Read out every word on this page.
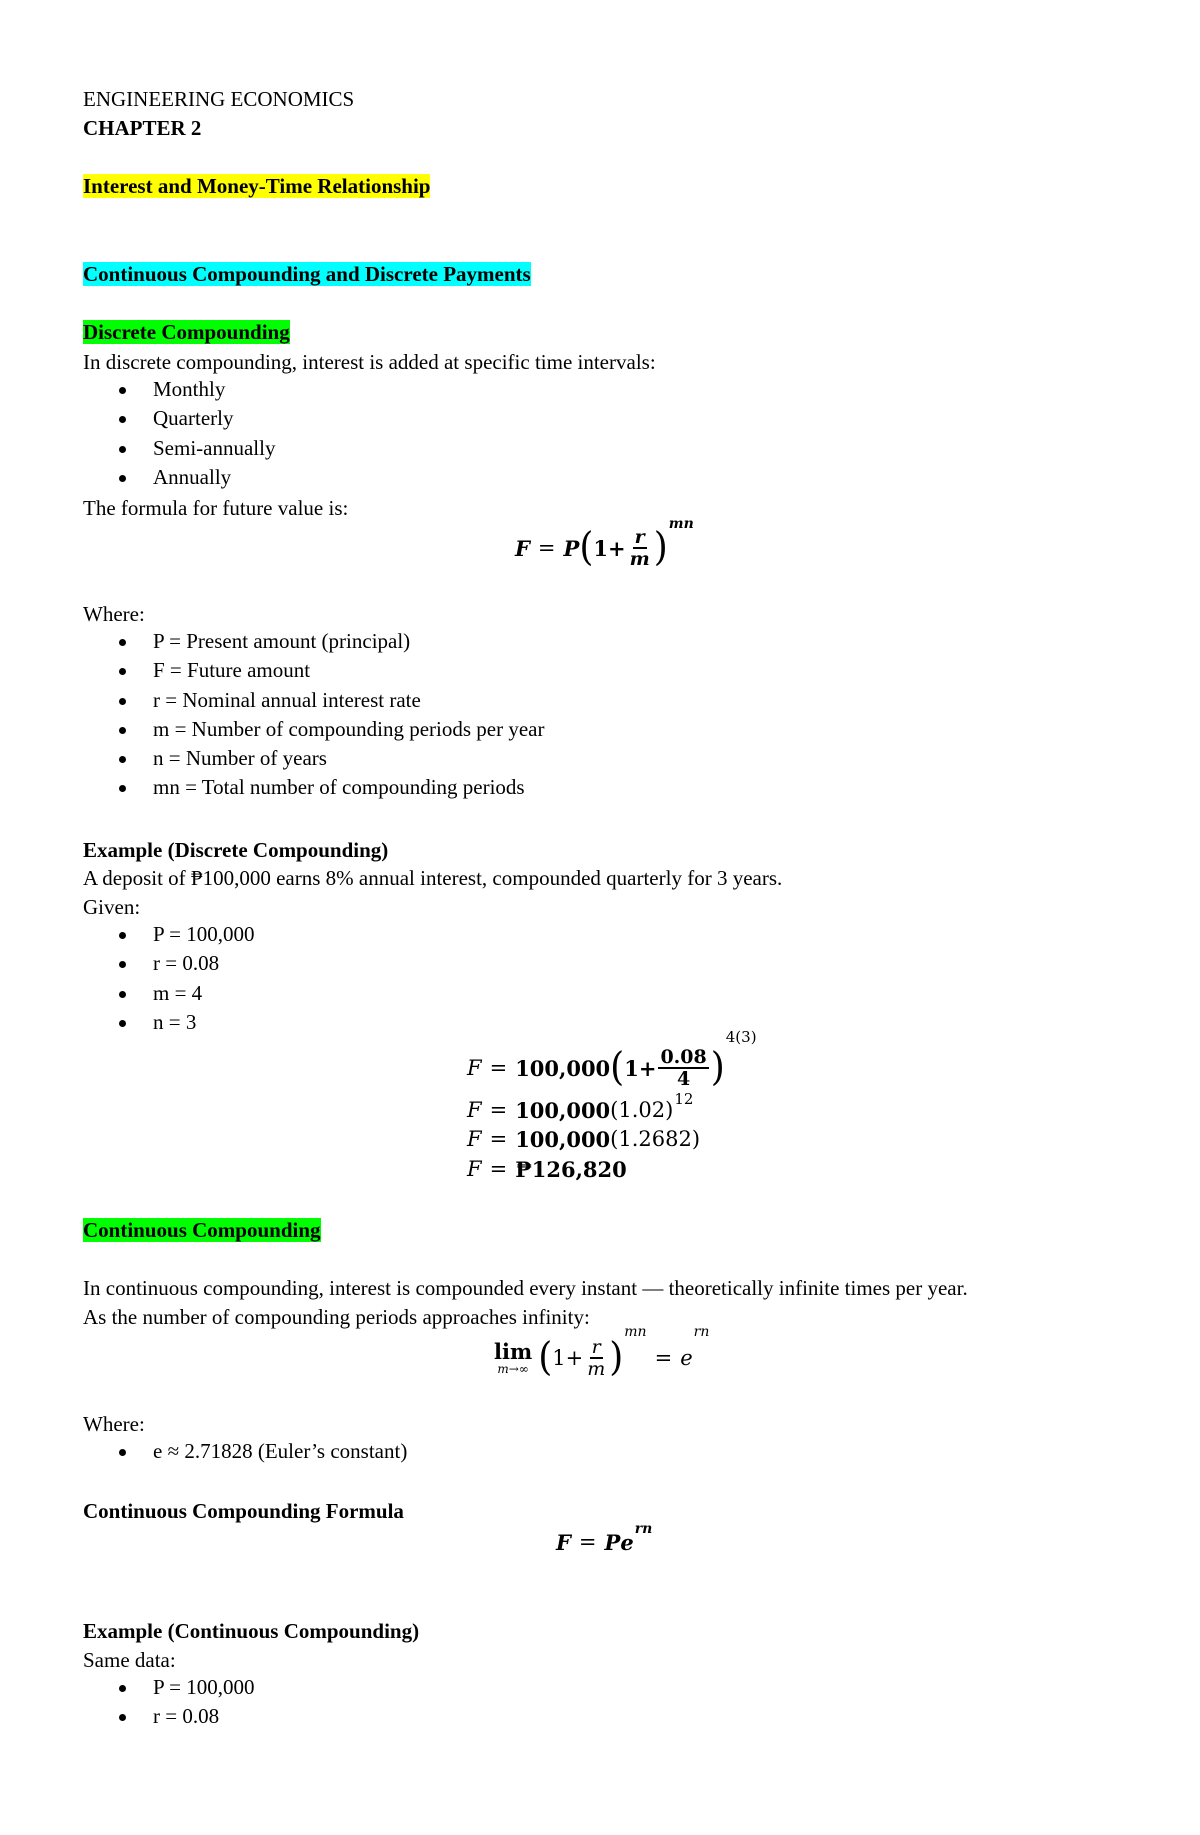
ENGINEERING ECONOMICS
CHAPTER 2
Interest and Money-Time Relationship
Continuous Compounding and Discrete Payments
Discrete Compounding
In discrete compounding, interest is added at specific time intervals:
Monthly
Quarterly
Semi-annually
Annually
The formula for future value is:
F = P ( $1+ \frac{r}{m}$ )
mn
Where:
P = Present amount (principal)
F = Future amount
r = Nominal annual interest rate
m = Number of compounding periods per year
n = Number of years
mn = Total number of compounding periods
Example (Discrete Compounding)
A deposit of ₱100,000 earns 8% annual interest, compounded quarterly for 3 years.
Given:
P = 100,000
r = 0.08
m = 4
n = 3
F = 100,000 ( $1+ \frac{0.08}{4}$ )
4(3)
F = 100,000 (1.02) 12
F = 100,000 (1.2682)
F = ₱126,820
Continuous Compounding
In continuous compounding, interest is compounded every instant — theoretically infinite times per year.
As the number of compounding periods approaches infinity:
lim
m→∞ ( $1+ \frac{r}{m}$ )
mn
= e
rn
Where:
e ≈ 2.71828 (Euler’s constant)
Continuous Compounding Formula
F = P e
rn
Example (Continuous Compounding)
Same data:
P = 100,000
r = 0.08
